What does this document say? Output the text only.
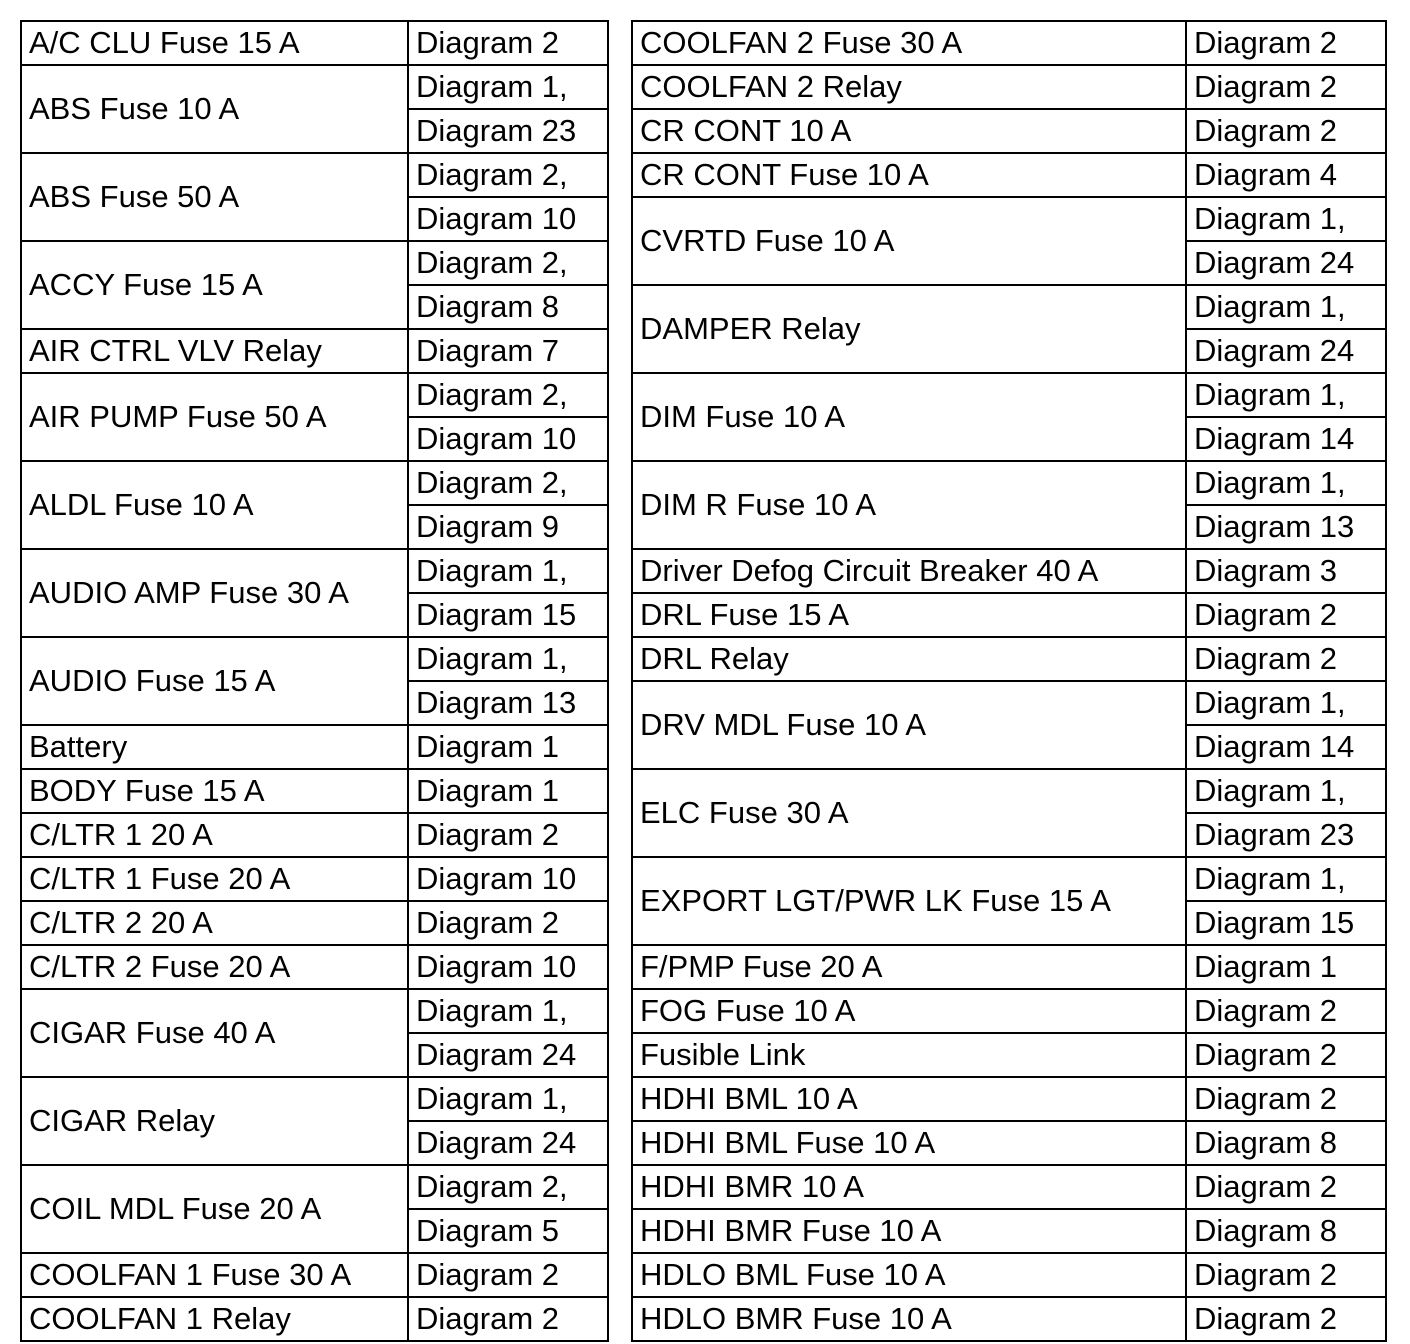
A/C CLU Fuse 15 A	Diagram 2
ABS Fuse 10 A	Diagram 1,
	Diagram 23
ABS Fuse 50 A	Diagram 2,
	Diagram 10
ACCY Fuse 15 A	Diagram 2,
	Diagram 8
AIR CTRL VLV Relay	Diagram 7
AIR PUMP Fuse 50 A	Diagram 2,
	Diagram 10
ALDL Fuse 10 A	Diagram 2,
	Diagram 9
AUDIO AMP Fuse 30 A	Diagram 1,
	Diagram 15
AUDIO Fuse 15 A	Diagram 1,
	Diagram 13
Battery	Diagram 1
BODY Fuse 15 A	Diagram 1
C/LTR 1 20 A	Diagram 2
C/LTR 1 Fuse 20 A	Diagram 10
C/LTR 2 20 A	Diagram 2
C/LTR 2 Fuse 20 A	Diagram 10
CIGAR Fuse 40 A	Diagram 1,
	Diagram 24
CIGAR Relay	Diagram 1,
	Diagram 24
COIL MDL Fuse 20 A	Diagram 2,
	Diagram 5
COOLFAN 1 Fuse 30 A	Diagram 2
COOLFAN 1 Relay	Diagram 2
COOLFAN 2 Fuse 30 A	Diagram 2
COOLFAN 2 Relay	Diagram 2
CR CONT 10 A	Diagram 2
CR CONT Fuse 10 A	Diagram 4
CVRTD Fuse 10 A	Diagram 1,
	Diagram 24
DAMPER Relay	Diagram 1,
	Diagram 24
DIM Fuse 10 A	Diagram 1,
	Diagram 14
DIM R Fuse 10 A	Diagram 1,
	Diagram 13
Driver Defog Circuit Breaker 40 A	Diagram 3
DRL Fuse 15 A	Diagram 2
DRL Relay	Diagram 2
DRV MDL Fuse 10 A	Diagram 1,
	Diagram 14
ELC Fuse 30 A	Diagram 1,
	Diagram 23
EXPORT LGT/PWR LK Fuse 15 A	Diagram 1,
	Diagram 15
F/PMP Fuse 20 A	Diagram 1
FOG Fuse 10 A	Diagram 2
Fusible Link	Diagram 2
HDHI BML 10 A	Diagram 2
HDHI BML Fuse 10 A	Diagram 8
HDHI BMR 10 A	Diagram 2
HDHI BMR Fuse 10 A	Diagram 8
HDLO BML Fuse 10 A	Diagram 2
HDLO BMR Fuse 10 A	Diagram 2
